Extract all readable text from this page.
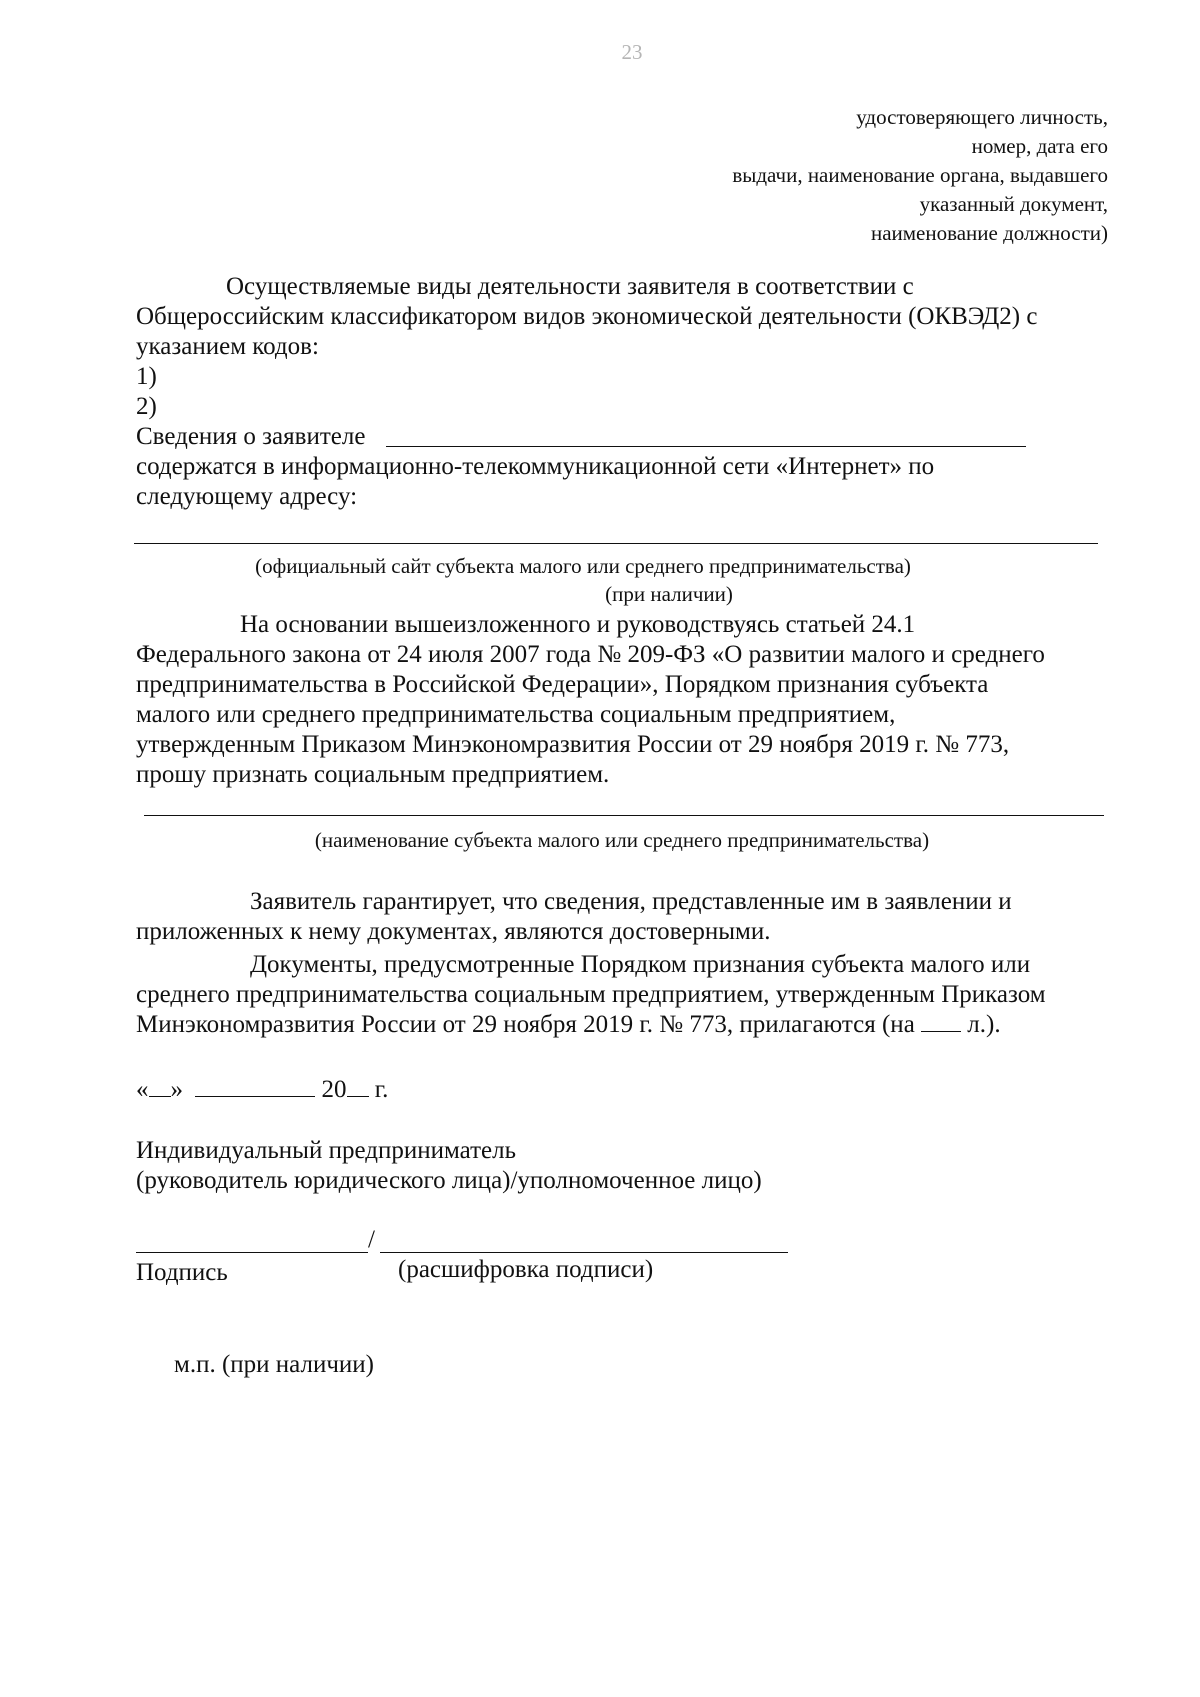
23
удостоверяющего личность,
номер, дата его
выдачи, наименование органа, выдавшего
указанный документ,
наименование должности)
Осуществляемые виды деятельности заявителя в соответствии с
Общероссийским классификатором видов экономической деятельности (ОКВЭД2) с
указанием кодов:
1)
2)
Сведения о заявителе
содержатся в информационно-телекоммуникационной сети «Интернет» по
следующему адресу:
(официальный сайт субъекта малого или среднего предпринимательства)
(при наличии)
На основании вышеизложенного и руководствуясь статьей 24.1
Федерального закона от 24 июля 2007 года № 209-ФЗ «О развитии малого и среднего
предпринимательства в Российской Федерации», Порядком признания субъекта
малого или среднего предпринимательства социальным предприятием,
утвержденным Приказом Минэкономразвития России от 29 ноября 2019 г. № 773,
прошу признать социальным предприятием.
(наименование субъекта малого или среднего предпринимательства)
Заявитель гарантирует, что сведения, представленные им в заявлении и
приложенных к нему документах, являются достоверными.
Документы, предусмотренные Порядком признания субъекта малого или
среднего предпринимательства социальным предприятием, утвержденным Приказом
Минэкономразвития России от 29 ноября 2019 г. № 773, прилагаются (на л.).
« »	20 г.
Индивидуальный предприниматель
(руководитель юридического лица)/уполномоченное лицо)
/
Подпись	(расшифровка подписи)
м.п. (при наличии)
